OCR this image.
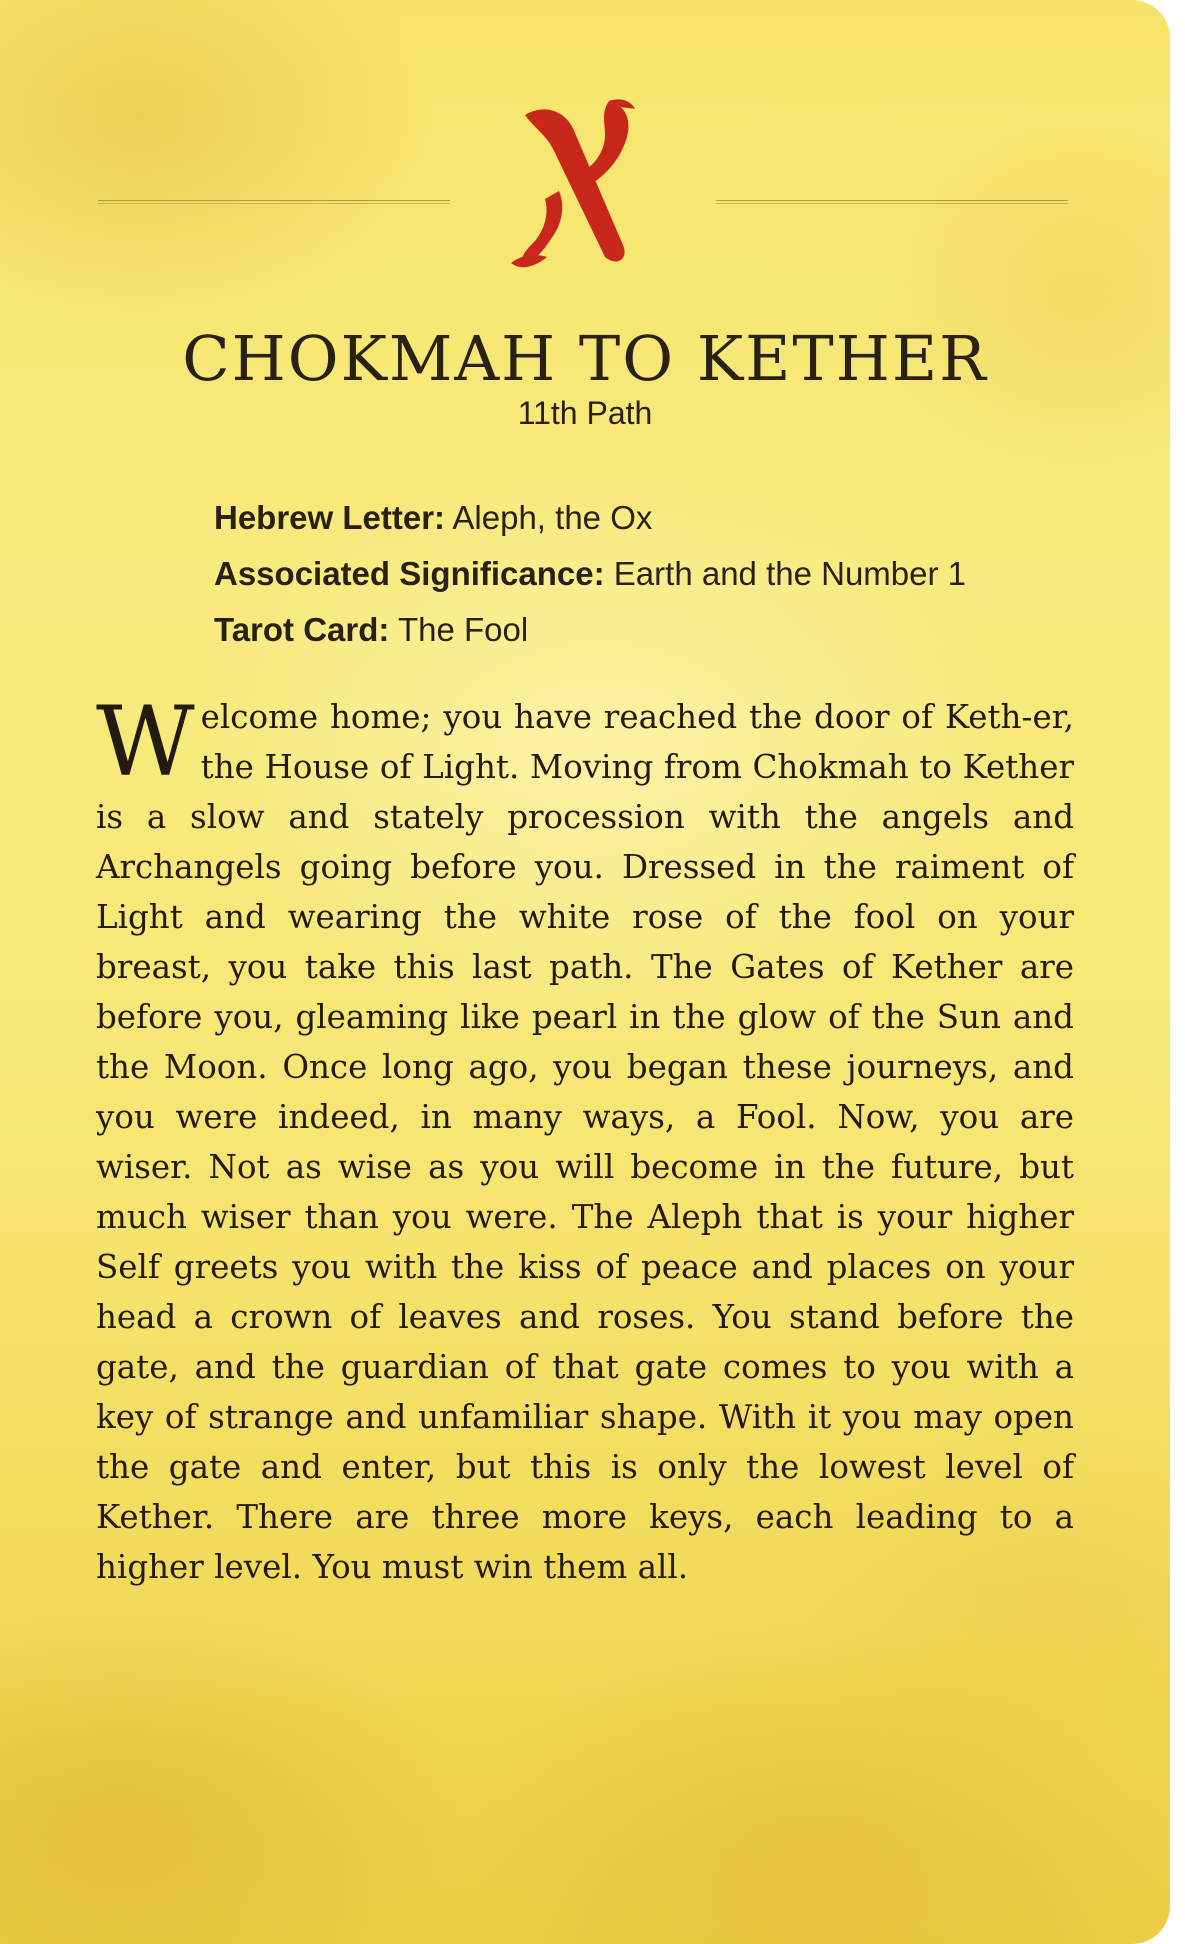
CHOKMAH TO KETHER
11th Path
Hebrew Letter: Aleph, the Ox
Associated Significance: Earth and the Number 1
Tarot Card: The Fool

Welcome home; you have reached the door of Keth-er, the House of Light. Moving from Chokmah to Kether is a slow and stately procession with the angels and Archangels going before you. Dressed in the raiment of Light and wearing the white rose of the fool on your breast, you take this last path. The Gates of Kether are before you, gleaming like pearl in the glow of the Sun and the Moon. Once long ago, you began these journeys, and you were indeed, in many ways, a Fool. Now, you are wiser. Not as wise as you will become in the future, but much wiser than you were. The Aleph that is your higher Self greets you with the kiss of peace and places on your head a crown of leaves and roses. You stand before the gate, and the guardian of that gate comes to you with a key of strange and unfamiliar shape. With it you may open the gate and enter, but this is only the lowest level of Kether. There are three more keys, each leading to a higher level. You must win them all.
